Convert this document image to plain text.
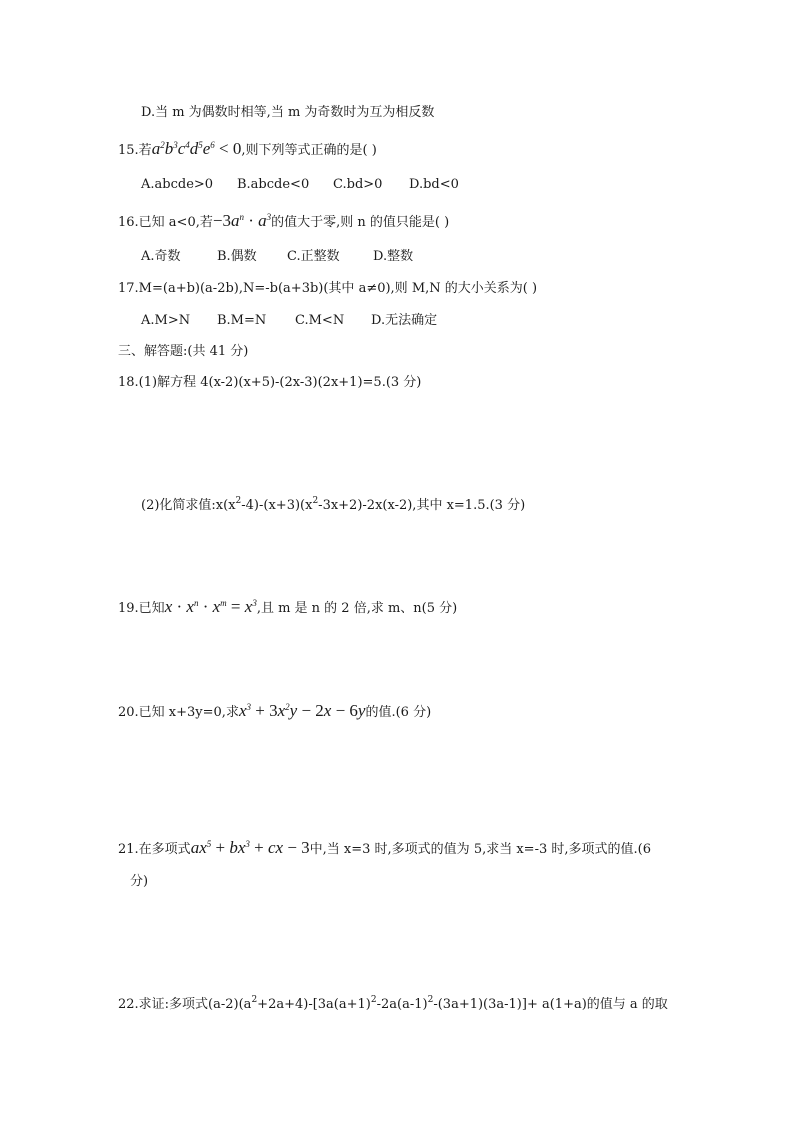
D.当 m 为偶数时相等,当 m 为奇数时为互为相反数
15.若$a^2b^3c^4d^5e^6 < 0$,则下列等式正确的是( )
A.abcde>0 B.abcde<0 C.bd>0 D.bd<0
16.已知 a<0,若$-3a^n \cdot a^3$的值大于零,则 n 的值只能是( )
A.奇数	B.偶数 C.正整数	D.整数
17.M=(a+b)(a-2b),N=-b(a+3b)(其中 a≠0),则 M,N 的大小关系为( )
A.M>N B.M=N C.M<N D.无法确定
三、解答题:(共 41 分)
18.(1)解方程 4(x-2)(x+5)-(2x-3)(2x+1)=5.(3 分)
(2)化简求值$:x(x^2-4)-(x+3)(x^2-3x+2)-2x(x-2)$,其中 x=1.5.(3 分)
19.已知$x \cdot x^n \cdot x^m = x^3$,且 m 是 n 的 2 倍,求 m、n(5 分)
20.已知 x+3y=0,求$x^3 + 3x^2y - 2x - 6y$的值.(6 分)
21.在多项式$ax^5 + bx^3$ + cx − 3中,当 x=3 时,多项式的值为 5,求当 x=-3 时,多项式的值.(6
分)
22.求证:多项式$(a-2)(a^2+2a+4)-[3a(a+1)^2-2a(a-1)^2-(3a+1)(3a-1)]+ a(1+a)$的值与 a 的取
